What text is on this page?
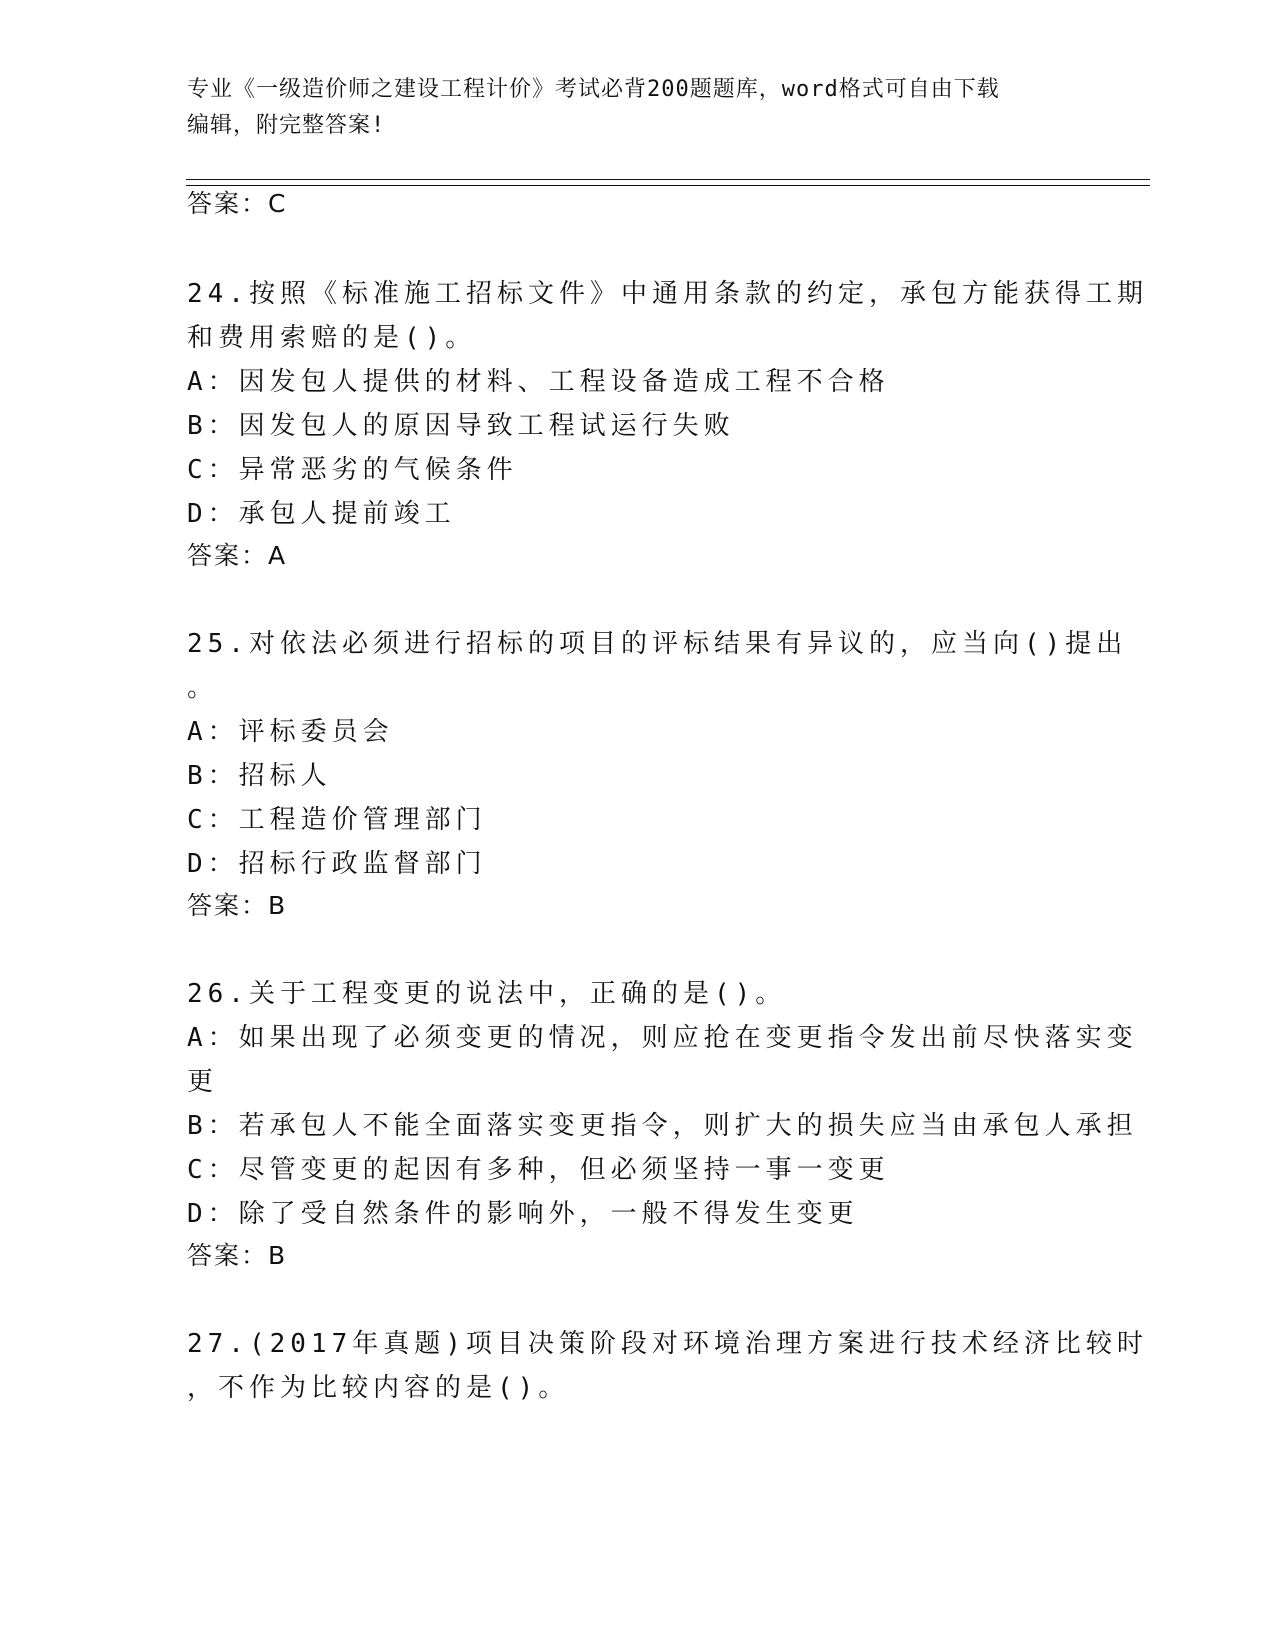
专业《一级造价师之建设工程计价》考试必背200题题库，word格式可自由下载
编辑，附完整答案!
答案：C
24.按照《标准施工招标文件》中通用条款的约定，承包方能获得工期
和费用索赔的是()。
A：因发包人提供的材料、工程设备造成工程不合格
B：因发包人的原因导致工程试运行失败
C：异常恶劣的气候条件
D：承包人提前竣工
答案：A
25.对依法必须进行招标的项目的评标结果有异议的，应当向()提出
。
A：评标委员会
B：招标人
C：工程造价管理部门
D：招标行政监督部门
答案：B
26.关于工程变更的说法中，正确的是()。
A：如果出现了必须变更的情况，则应抢在变更指令发出前尽快落实变
更
B：若承包人不能全面落实变更指令，则扩大的损失应当由承包人承担
C：尽管变更的起因有多种，但必须坚持一事一变更
D：除了受自然条件的影响外，一般不得发生变更
答案：B
27.(2017年真题)项目决策阶段对环境治理方案进行技术经济比较时
，不作为比较内容的是()。
